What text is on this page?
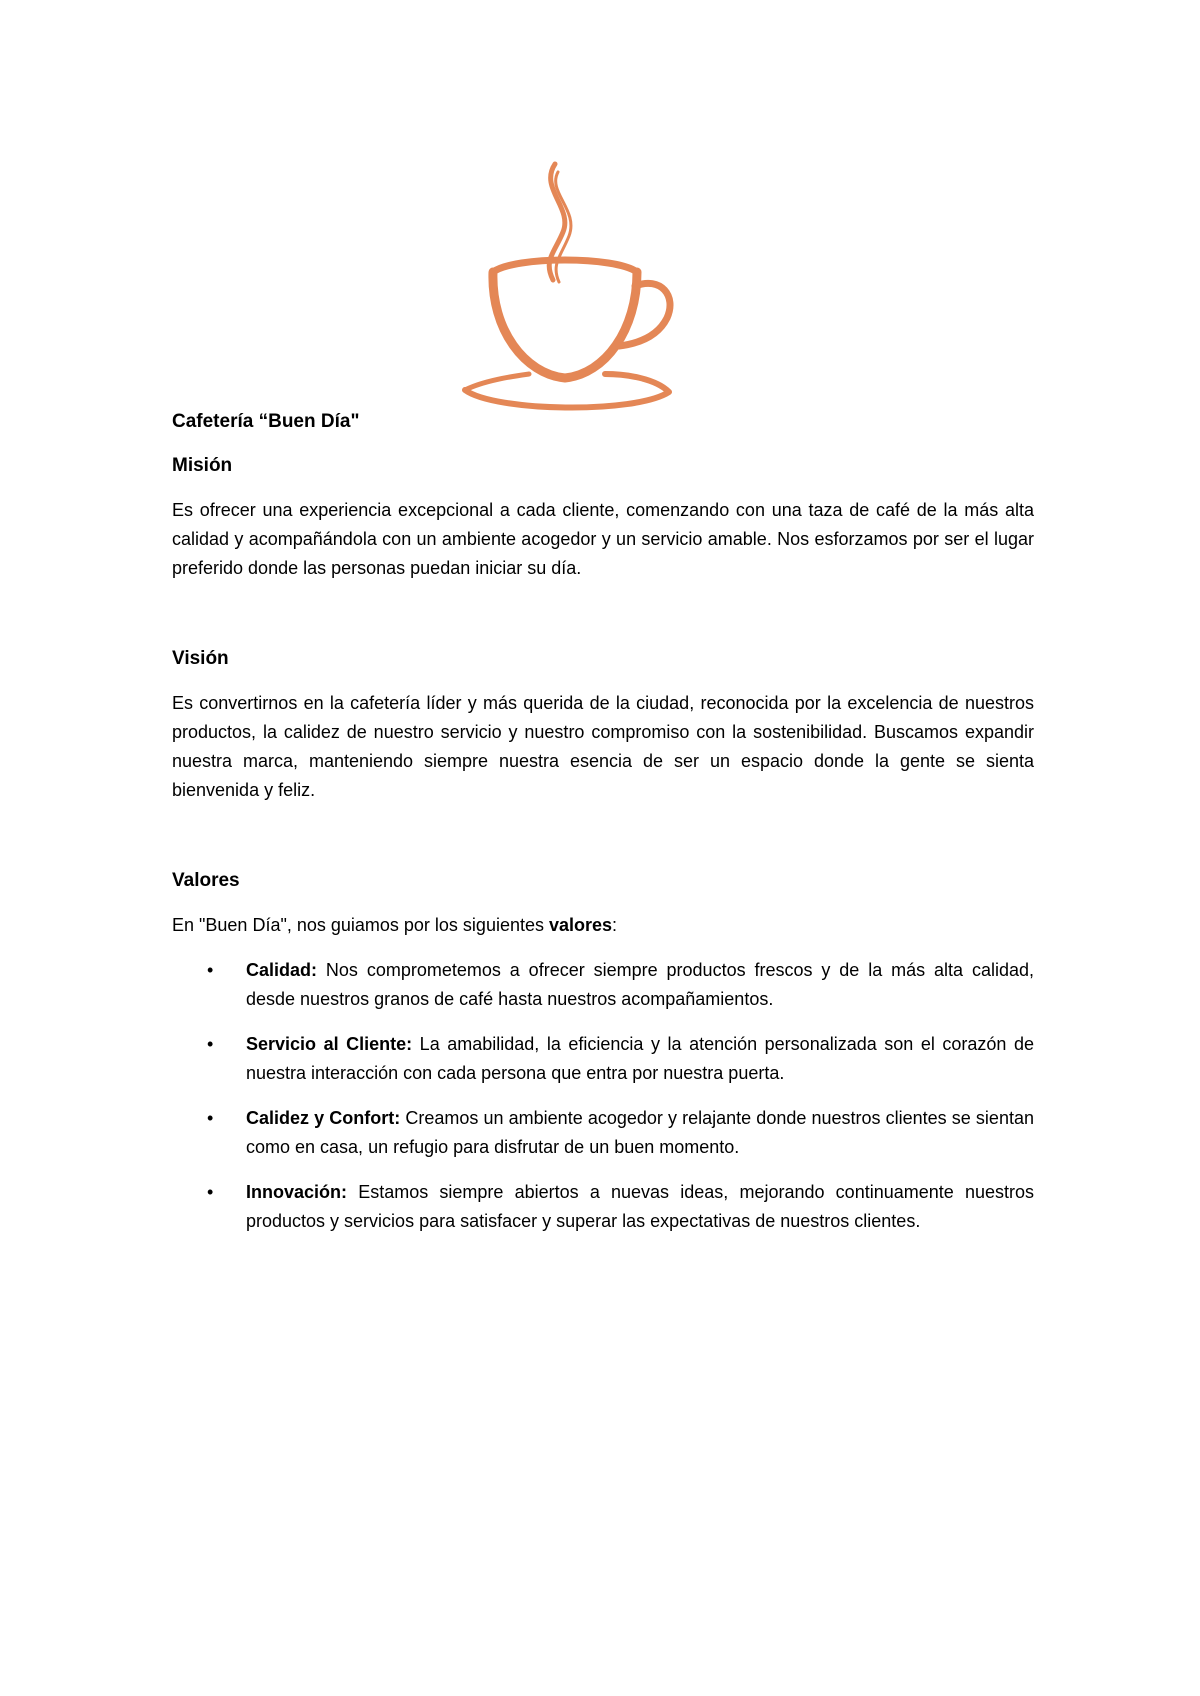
Cafetería “Buen Día"
Misión

Es ofrecer una experiencia excepcional a cada cliente, comenzando con una taza de café de la más alta calidad y acompañándola con un ambiente acogedor y un servicio amable. Nos esforzamos por ser el lugar preferido donde las personas puedan iniciar su día.

Visión

Es convertirnos en la cafetería líder y más querida de la ciudad, reconocida por la excelencia de nuestros productos, la calidez de nuestro servicio y nuestro compromiso con la sostenibilidad. Buscamos expandir nuestra marca, manteniendo siempre nuestra esencia de ser un espacio donde la gente se sienta bienvenida y feliz.

Valores

En "Buen Día", nos guiamos por los siguientes valores:

• Calidad: Nos comprometemos a ofrecer siempre productos frescos y de la más alta calidad, desde nuestros granos de café hasta nuestros acompañamientos.
• Servicio al Cliente: La amabilidad, la eficiencia y la atención personalizada son el corazón de nuestra interacción con cada persona que entra por nuestra puerta.
• Calidez y Confort: Creamos un ambiente acogedor y relajante donde nuestros clientes se sientan como en casa, un refugio para disfrutar de un buen momento.
• Innovación: Estamos siempre abiertos a nuevas ideas, mejorando continuamente nuestros productos y servicios para satisfacer y superar las expectativas de nuestros clientes.
